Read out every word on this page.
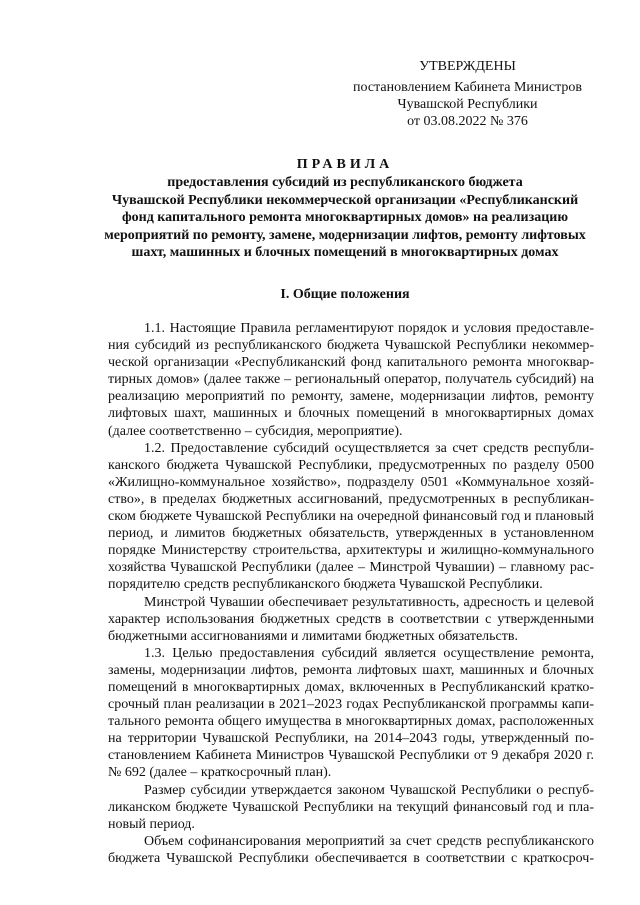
УТВЕРЖДЕНЫ
постановлением Кабинета Министров
Чувашской Республики
от 03.08.2022 № 376
ПРАВИЛА
предоставления субсидий из республиканского бюджета
Чувашской Республики некоммерческой организации «Республиканский
фонд капитального ремонта многоквартирных домов» на реализацию
мероприятий по ремонту, замене, модернизации лифтов, ремонту лифтовых
шахт, машинных и блочных помещений в многоквартирных домах
I. Общие положения
1.1. Настоящие Правила регламентируют порядок и условия предоставле-
ния субсидий из республиканского бюджета Чувашской Республики некоммер-
ческой организации «Республиканский фонд капитального ремонта многоквар-
тирных домов» (далее также – региональный оператор, получатель субсидий) на
реализацию мероприятий по ремонту, замене, модернизации лифтов, ремонту
лифтовых шахт, машинных и блочных помещений в многоквартирных домах
(далее соответственно – субсидия, мероприятие).
1.2. Предоставление субсидий осуществляется за счет средств республи-
канского бюджета Чувашской Республики, предусмотренных по разделу 0500
«Жилищно-коммунальное хозяйство», подразделу 0501 «Коммунальное хозяй-
ство», в пределах бюджетных ассигнований, предусмотренных в республикан-
ском бюджете Чувашской Республики на очередной финансовый год и плановый
период, и лимитов бюджетных обязательств, утвержденных в установленном
порядке Министерству строительства, архитектуры и жилищно-коммунального
хозяйства Чувашской Республики (далее – Минстрой Чувашии) – главному рас-
порядителю средств республиканского бюджета Чувашской Республики.
Минстрой Чувашии обеспечивает результативность, адресность и целевой
характер использования бюджетных средств в соответствии с утвержденными
бюджетными ассигнованиями и лимитами бюджетных обязательств.
1.3. Целью предоставления субсидий является осуществление ремонта,
замены, модернизации лифтов, ремонта лифтовых шахт, машинных и блочных
помещений в многоквартирных домах, включенных в Республиканский кратко-
срочный план реализации в 2021–2023 годах Республиканской программы капи-
тального ремонта общего имущества в многоквартирных домах, расположенных
на территории Чувашской Республики, на 2014–2043 годы, утвержденный по-
становлением Кабинета Министров Чувашской Республики от 9 декабря 2020 г.
№ 692 (далее – краткосрочный план).
Размер субсидии утверждается законом Чувашской Республики о респуб-
ликанском бюджете Чувашской Республики на текущий финансовый год и пла-
новый период.
Объем софинансирования мероприятий за счет средств республиканского
бюджета Чувашской Республики обеспечивается в соответствии с краткосроч-
